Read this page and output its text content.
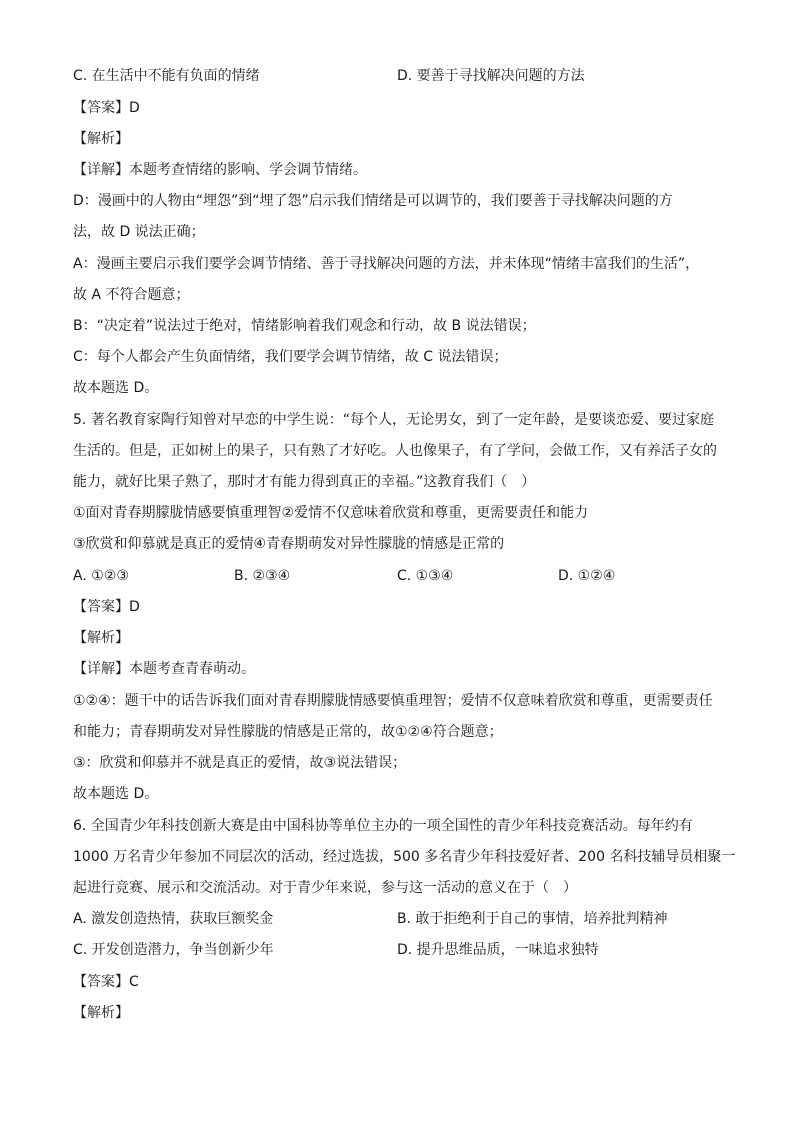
C. 在生活中不能有负面的情绪	D. 要善于寻找解决问题的方法
【答案】D
【解析】
【详解】本题考查情绪的影响、学会调节情绪。
D：漫画中的人物由“埋怨”到“埋了怨”启示我们情绪是可以调节的，我们要善于寻找解决问题的方
法，故 D 说法正确；
A：漫画主要启示我们要学会调节情绪、善于寻找解决问题的方法，并未体现“情绪丰富我们的生活”，
故 A 不符合题意；
B：“决定着”说法过于绝对，情绪影响着我们观念和行动，故 B 说法错误；
C：每个人都会产生负面情绪，我们要学会调节情绪，故 C 说法错误；
故本题选 D。
5. 著名教育家陶行知曾对早恋的中学生说：“每个人，无论男女，到了一定年龄，是要谈恋爱、要过家庭
生活的。但是，正如树上的果子，只有熟了才好吃。人也像果子，有了学问，会做工作，又有养活子女的
能力，就好比果子熟了，那时才有能力得到真正的幸福。”这教育我们（　）
①面对青春期朦胧情感要慎重理智②爱情不仅意味着欣赏和尊重，更需要责任和能力
③欣赏和仰慕就是真正的爱情④青春期萌发对异性朦胧的情感是正常的
A. ①②③	B. ②③④	C. ①③④	D. ①②④
【答案】D
【解析】
【详解】本题考查青春萌动。
①②④：题干中的话告诉我们面对青春期朦胧情感要慎重理智；爱情不仅意味着欣赏和尊重，更需要责任
和能力；青春期萌发对异性朦胧的情感是正常的，故①②④符合题意；
③：欣赏和仰慕并不就是真正的爱情，故③说法错误；
故本题选 D。
6. 全国青少年科技创新大赛是由中国科协等单位主办的一项全国性的青少年科技竞赛活动。每年约有
1000 万名青少年参加不同层次的活动，经过选拔，500 多名青少年科技爱好者、200 名科技辅导员相聚一
起进行竞赛、展示和交流活动。对于青少年来说，参与这一活动的意义在于（　）
A. 激发创造热情，获取巨额奖金	B. 敢于拒绝利于自己的事情，培养批判精神
C. 开发创造潜力，争当创新少年	D. 提升思维品质，一味追求独特
【答案】C
【解析】
